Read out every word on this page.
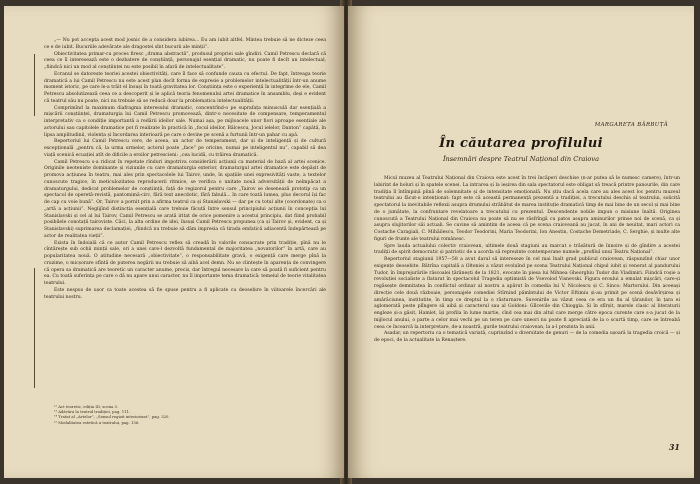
„— Nu pot accepta acest mod josnic de a considera iubirea... Eu am iubit altfel. Mintea trebuie să ne dicteze ceea ce e de iubit. Bucuriile adevărate ale dragostei sînt bucurii ale minții”.

Obiectivitatea primar-cu proces firesc „drama abstractă”, produsul propriei sale gîndiri. Camil Petrescu declară că ceea ce îl interesează este o dezbatere de conștiință, personajul esențial dramatic, nu poate fi decît un intelectual, „fiindcă nici un mod al conștiinței nu este posibil în afară de intelectualitate”.

Ecranul se datorește teoriei acestei obiectivități, care îl face să confunde cauza cu efectul. De fapt, întreaga teorie dramatică a lui Camil Petrescu nu este acest plan decît forma de expresie a problemelor intelectualității într-un anume moment istoric, pe care le-a trăit el însuși în toată gravitatea lor. Conștiința este o experiență în integrime de ele, Camil Petrescu absolutizează ceea ce a descoperit și le aplică teoria fenomenului artei dramatice în ansamblu, deși e evident că teatrul său nu poate, nici nu trebuie să se reducă doar la problematica intelectualității.

Comprimînd la maximum diafragma interesului dramatic, concentrînd-o pe suprafața minusculă dar esențială a mișcării conștiinței, dramaturgia lui Camil Petrescu promovează, dintr-o necesitate de compensare, temperamentul interpretativ ca o condiție importantă a redării ideilor sale. Numai așa, pe mijloacele unor fiori aproape esențiale ale actorului sau capitolele dramatice pot fi realizate în practică în „focul ideilor, Bălcescu, Jocul ielelor, Danton” capătă, în lipsa amplitudinii, violența și încordarea interioară pe care o devine pe scenă a furtunii într-un pahar cu apă.

Repertoriul lui Camil Petrescu cere, de aceea, un actor de temperament, dar și de inteligență și de cultură excepțională „pentru că, la urma urmelor, actorul poate „face” pe oricine, numai pe inteligentul nu”, capabil să dea viață scenică ecuației atît de dificile a eroilor petrescieni: „cea lucidă, cu trăirea dramatică.

Camil Petrescu s-a ridicat în repetate rînduri impotriva considerării acțiunii ca material de bază al artei scenice. Originile neoteniste dominante și viziunile cu care dramaturgia exterior, dramaturgul artei dramatice este depășit de promova acțiunea în teatru, mai ales prin spectacolele lui Tairov, unde, în spațiile unei expresivități vaste, a textelor cunoscute tragice, în meticulozitatea reproducerii ritmice, se verifica o unitate nouă adversității de neîmpăcat a dramaturgului, dedicat problemelor de conștiință, față de regizorul pentru care „Tairov se desenează prototip ca un spectacol de operetă-revistă, pantomimă-circ, fără text anecdotic, fără fabulă... în care toată lumea, plus decorul își fac de cap cu voie bună”. Or, Tairov a pornit prin a afirma teatrul ca și Stanislavski — dar pe cu totul alte (coordonate) ca o „artă a acțiunii”. Neglijînd distincția esențială care trebuie făcută între sensul principiului acțiunii în concepția lui Stanislavski și cel al lui Tairov, Camil Petrescu se arată iritat de orice pomenire a acestui principiu, dat fiind probabil posibilele conotații tairoviste. Căci, la alta ordine de idei, însuși Camil Petrescu propunea (ca și Tairov și, evident, ca și Stanislavski) suprimarea declamației, „fiindcă nu trebuie să dăm impresia că tirada emfatică adiacentă îndepărtează pe actor de realitatea vieții”.

Exista în îndoială că ce autor Camil Petrescu reflex să creadă în valorile consacrate prin tradiție, pînă nu le cîntărește sub ochii minții sale, ori a unei care-l dezvoltă fundamental de majoritatea „novatorilor” în artă, care au popularitatea nouă. O atitudine necesară „obiectivitate”, o responsabilitate gravă, o exigență care merge pînă la cruzime, o micșorare sfîntă de puterea negării nu trebuie să aibă acel demn. Nu se clintește în aparența de convingere că opera sa dramatică are teoretic un caracter anume, precis, dar întregul necesare la care să poată fi suficient pentru ea. Cu toată suferința pe care o dă nu apare unui caracter, nu îl importante tema dramatică: temeiul de teorie vitalitatea teatrului.

Este nespus de ușor ca toate acestea să fie spuse pentru a fi aplicate cu deosebire în viitoarele încercări ale teatrului nostru.

¹² Act teoretic, ediția III, scena 3.
¹³ Adăvăra la teatrul tradiției, pag. 111.
¹⁴ Tratat al „Artelor”, „Sensul regizit interiorizat”, pag. 320.
¹⁵ Modalitatea estetică a teatrului, pag. 136.
MARGARETA BĂRBUȚĂ
În căutarea profilului
Însemnări despre Teatrul Național din Craiova

Micul muzeu al Teatrului Național din Craiova este acest în trei încăperi deschise (n-ar putea să le numesc camere), într-un labirint de holuri și în spatele scenei. La intrarea și la ieșirea din sala spectatorul este obligat să treacă printre panourile, din care tradiția îl întîmpină plină de solemnitate și de intensitate emoțională. Nu știu dacă acela care au ales acest loc pentru muzeul teatrului au făcut-o intenționat: fapt este că această permanență prezentă a tradiției, a trecutului deschis al teatrului, solicită spectatorul la inevitabile reflexii asupra drumului străbătut de marea instituție dramatică timp de mai bine de un secol și mai bine de o jumătate, la confruntare revelatoare a trecutului cu prezentul. Descendențe nobile impun o misiune înaltă. Originea cunoscută a Teatrului Național din Craiova nu poate să nu se răsfrîngă cu patos asupra aminurilor prinse noi de scenă, ca și asupra slujitorilor săi actuali. Se cuvine să amintim de aceea că pe scena craioveană au jucat, în ani de neuitat, mari actori ca Costache Caragiali, C. Mihăilescu, Teodor Teodorini, Maria Teodorini, Ion Anestin, Costache Demetriade, C. Serghie, și multe alte figuri de frunte ale teatrului românesc.

Spre lauda actualului colectiv craiovean, ultimele două stagiuni au marcat o trăsătură de înnoire și de gîndire a acestei tradiții de spirit democratic și patriotic de a acorda să reprezinte contemporane numele „profilul unui Teatru Național”.

Repertoriul stagiunii 1957—58 a avut darul să intereseze în cel mai înalt grad publicul craiovean, răspunzînd chiar unor exigențe deosebite. Bătrîna capitală a Olteniei a văzut evoluînd pe scena Teatrului Național chipul iubit și venerat al pandurului Tudor, în împrejurările răscoalei țărănești de la 1821, evocate în piesa lui Mihnea Gheorghiu Tudor din Vladimiri. Fiindcă roșie a revoluției socialiste a flaturat în spectacolul Tragedia optimistă de Vsevolod Visnevski. Figura eroului a emulat mișcări, care-și regăsește demnitatea în conflictul ordinar al nostru a apărut în comedia lui V. Nicolescu și C. Sinco: Martorului. Din aceeași direcție cele două războaie, personajele comediei Stîrnind pămîntului de Victor Eftimiu și-au primit pe scenă desăvîrșirea și amărăciunea, institutite, în timp ce dreptul la o răsturnare. Suvenirile au văzut ceea ce era un fiu al țăranilor, în țara ei aglomerată peste plîngere să aibă și caracterul sau al Goldoni: Gîlcevile din Chioggia. Și în sfîrșit, marele clasic al literaturii engleze și-a găsit, Hamlet, își profila în lume martie, cînd cea mai din altul care merge către epoca curente care s-a jucat de la mijlocul anului, o parte a celor mai vechi pe un teren pe care uneori nu poate fi apreciată de la o scurtă timp, care se întreabă ceea ce încearcă la interpretare, de-a noastră, gurile teatrului craiovean, la a-l prezinta în anii.

Asadar, un repertoriu ca o tematică variată, cuprinzînd o diversitate de genuri — de la comedia ușoară la tragedia croică — și de epoci, de la actualitate la Renaștere.

31
